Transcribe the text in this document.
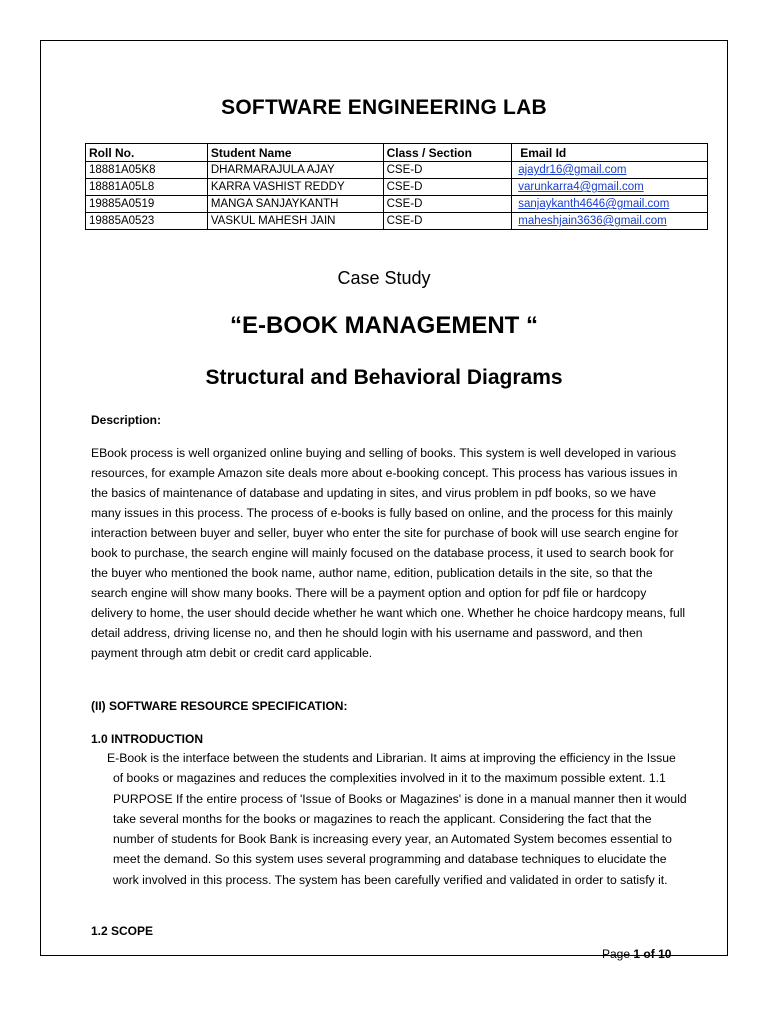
SOFTWARE ENGINEERING LAB
Roll No.	Student Name	Class / Section	Email Id
18881A05K8	DHARMARAJULA AJAY	CSE-D	ajaydr16@gmail.com
18881A05L8	KARRA VASHIST REDDY	CSE-D	varunkarra4@gmail.com
19885A0519	MANGA SANJAYKANTH	CSE-D	sanjaykanth4646@gmail.com
19885A0523	VASKUL MAHESH JAIN	CSE-D	maheshjain3636@gmail.com
Case Study
“E-BOOK MANAGEMENT “
Structural and Behavioral Diagrams
Description:

EBook process is well organized online buying and selling of books. This system is well developed in various resources, for example Amazon site deals more about e-booking concept. This process has various issues in the basics of maintenance of database and updating in sites, and virus problem in pdf books, so we have many issues in this process. The process of e-books is fully based on online, and the process for this mainly interaction between buyer and seller, buyer who enter the site for purchase of book will use search engine for book to purchase, the search engine will mainly focused on the database process, it used to search book for the buyer who mentioned the book name, author name, edition, publication details in the site, so that the search engine will show many books. There will be a payment option and option for pdf file or hardcopy delivery to home, the user should decide whether he want which one. Whether he choice hardcopy means, full detail address, driving license no, and then he should login with his username and password, and then payment through atm debit or credit card applicable.

(II) SOFTWARE RESOURCE SPECIFICATION:
1.0 INTRODUCTION

E-Book is the interface between the students and Librarian. It aims at improving the efficiency in the Issue of books or magazines and reduces the complexities involved in it to the maximum possible extent. 1.1 PURPOSE If the entire process of 'Issue of Books or Magazines' is done in a manual manner then it would take several months for the books or magazines to reach the applicant. Considering the fact that the number of students for Book Bank is increasing every year, an Automated System becomes essential to meet the demand. So this system uses several programming and database techniques to elucidate the work involved in this process. The system has been carefully verified and validated in order to satisfy it.

1.2 SCOPE
Page 1 of 10
